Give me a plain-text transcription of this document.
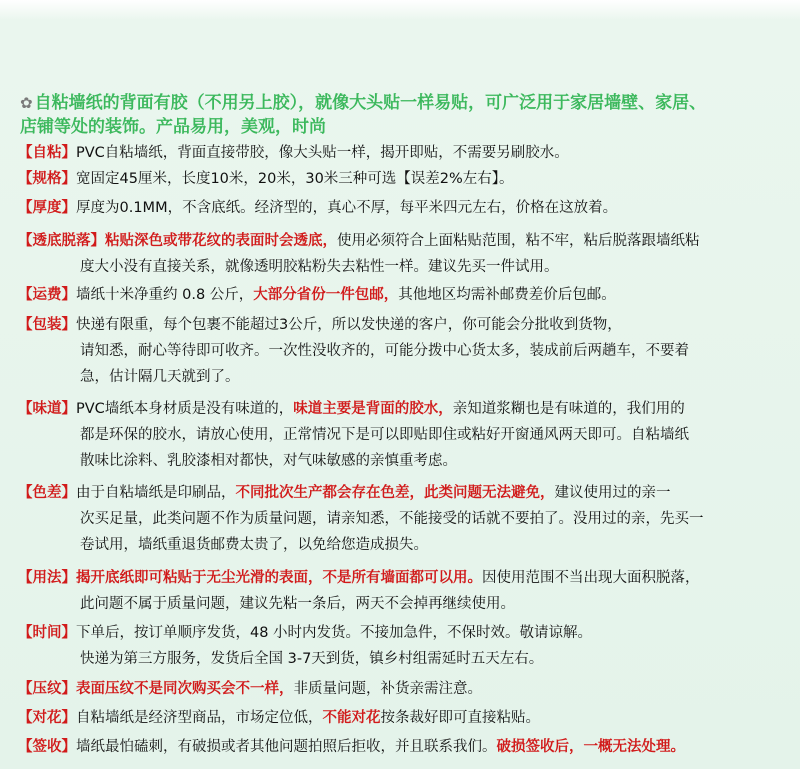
✿ 自粘墙纸的背面有胶（不用另上胶），就像大头贴一样易贴，可广泛用于家居墙壁、家居、
店铺等处的装饰。产品易用，美观，时尚
【自粘】PVC自粘墙纸，背面直接带胶，像大头贴一样，揭开即贴，不需要另刷胶水。
【规格】宽固定45厘米，长度10米，20米，30米三种可选【误差2%左右】。
【厚度】厚度为0.1MM，不含底纸。经济型的，真心不厚，每平米四元左右，价格在这放着。
【透底脱落】粘贴深色或带花纹的表面时会透底，使用必须符合上面粘贴范围，粘不牢，粘后脱落跟墙纸粘
度大小没有直接关系，就像透明胶粘粉失去粘性一样。建议先买一件试用。
【运费】墙纸十米净重约 0.8 公斤，大部分省份一件包邮，其他地区均需补邮费差价后包邮。
【包装】快递有限重，每个包裹不能超过3公斤，所以发快递的客户，你可能会分批收到货物，
请知悉，耐心等待即可收齐。一次性没收齐的，可能分拨中心货太多，装成前后两趟车，不要着
急，估计隔几天就到了。
【味道】PVC墙纸本身材质是没有味道的，味道主要是背面的胶水，亲知道浆糊也是有味道的，我们用的
都是环保的胶水，请放心使用，正常情况下是可以即贴即住或粘好开窗通风两天即可。自粘墙纸
散味比涂料、乳胶漆相对都快，对气味敏感的亲慎重考虑。
【色差】由于自粘墙纸是印刷品，不同批次生产都会存在色差，此类问题无法避免，建议使用过的亲一
次买足量，此类问题不作为质量问题，请亲知悉，不能接受的话就不要拍了。没用过的亲，先买一
卷试用，墙纸重退货邮费太贵了，以免给您造成损失。
【用法】揭开底纸即可粘贴于无尘光滑的表面，不是所有墙面都可以用。因使用范围不当出现大面积脱落，
此问题不属于质量问题，建议先粘一条后，两天不会掉再继续使用。
【时间】下单后，按订单顺序发货，48 小时内发货。不接加急件，不保时效。敬请谅解。
快递为第三方服务，发货后全国 3-7天到货，镇乡村组需延时五天左右。
【压纹】表面压纹不是同次购买会不一样，非质量问题，补货亲需注意。
【对花】自粘墙纸是经济型商品，市场定位低，不能对花按条裁好即可直接粘贴。
【签收】墙纸最怕磕刺，有破损或者其他问题拍照后拒收，并且联系我们。破损签收后，一概无法处理。
